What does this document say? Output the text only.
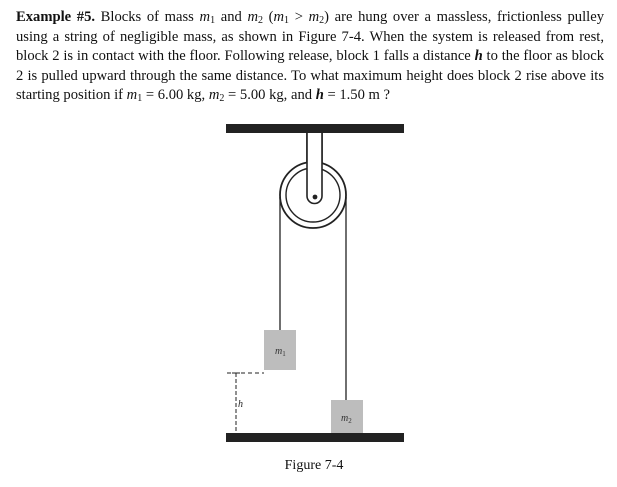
Example #5. Blocks of mass $m_1$ and $m_2$ $(m_1 > m_2)$ are hung over a massless, frictionless pulley using a string of negligible mass, as shown in Figure 7-4. When the system is released from rest, block 2 is in contact with the floor. Following release, block 1 falls a distance h to the floor as block 2 is pulled upward through the same distance. To what maximum height does block 2 rise above its starting position if $m_1 = 6.00$ kg, $m_2 = 5.00$ kg, and h = 1.50 m ?
$m_1$
$m_2$
h
Figure 7-4
